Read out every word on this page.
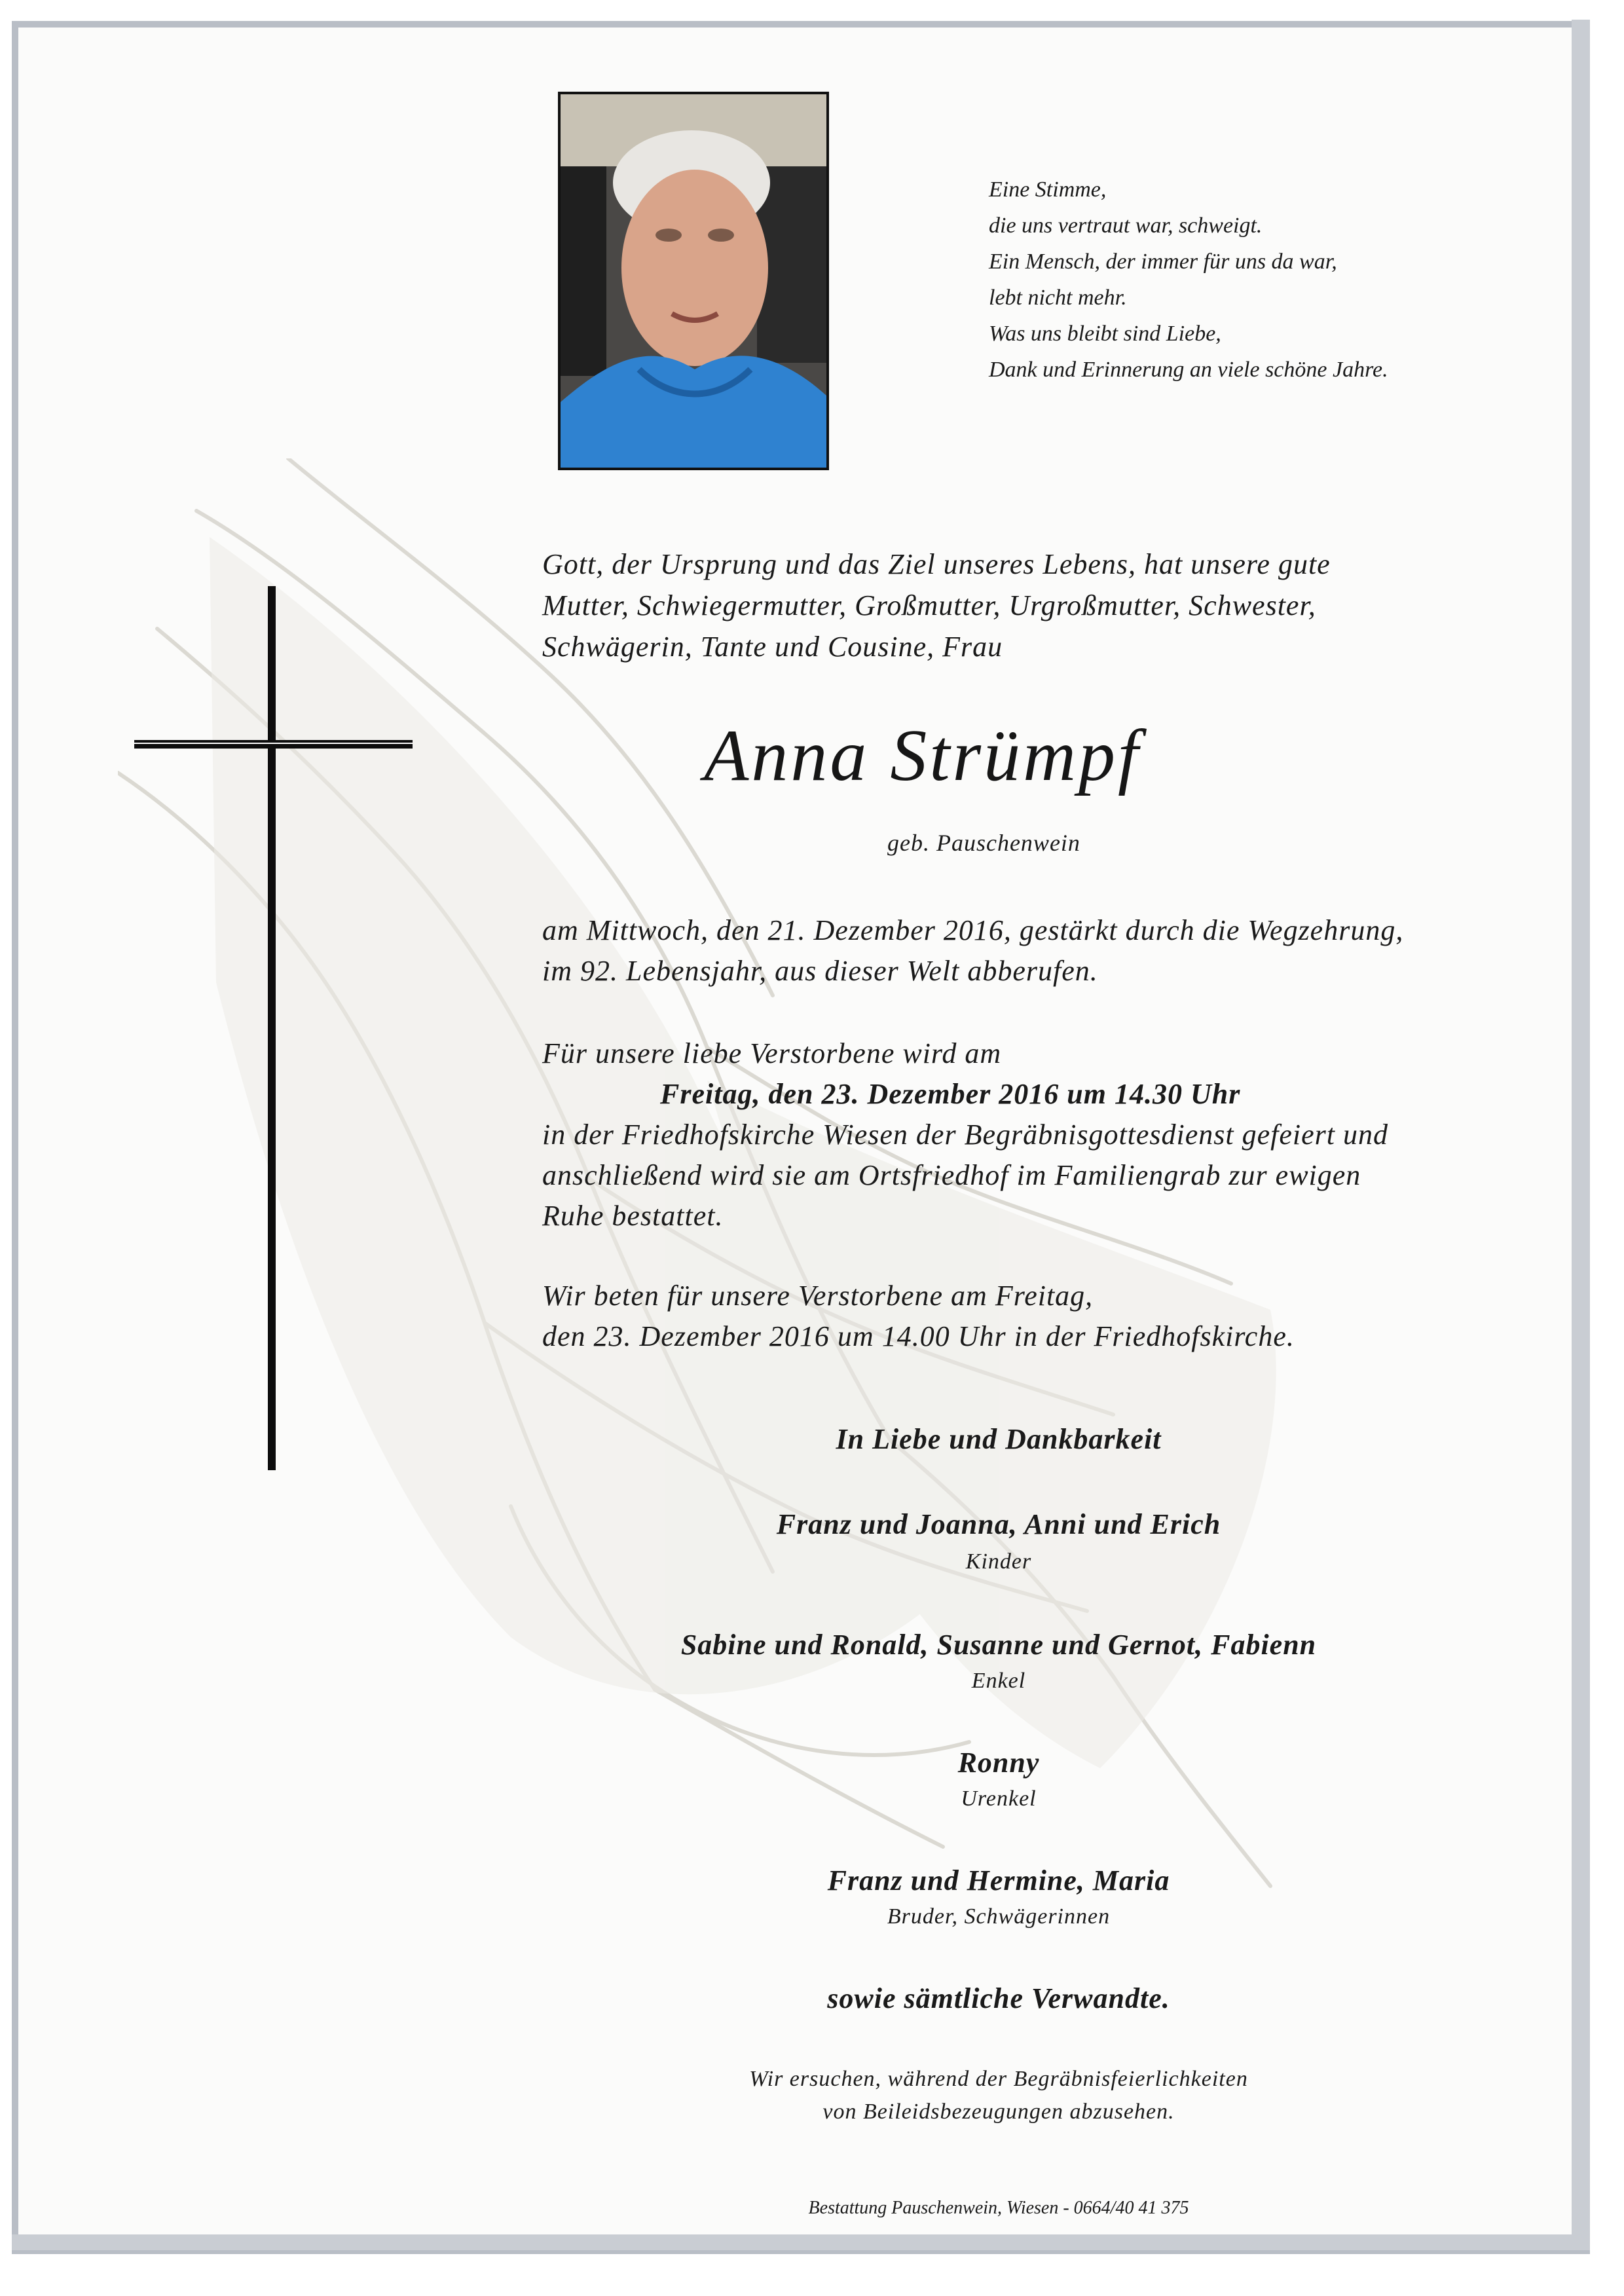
Eine Stimme,
die uns vertraut war, schweigt.
Ein Mensch, der immer für uns da war,
lebt nicht mehr.
Was uns bleibt sind Liebe,
Dank und Erinnerung an viele schöne Jahre.
Gott, der Ursprung und das Ziel unseres Lebens, hat unsere gute
Mutter, Schwiegermutter, Großmutter, Urgroßmutter, Schwester,
Schwägerin, Tante und Cousine, Frau
Anna Strümpf
geb. Pauschenwein
am Mittwoch, den 21. Dezember 2016, gestärkt durch die Wegzehrung,
im 92. Lebensjahr, aus dieser Welt abberufen.
Für unsere liebe Verstorbene wird am
Freitag, den 23. Dezember 2016 um 14.30 Uhr
in der Friedhofskirche Wiesen der Begräbnisgottesdienst gefeiert und
anschließend wird sie am Ortsfriedhof im Familiengrab zur ewigen
Ruhe bestattet.
Wir beten für unsere Verstorbene am Freitag,
den 23. Dezember 2016 um 14.00 Uhr in der Friedhofskirche.
In Liebe und Dankbarkeit
Franz und Joanna, Anni und Erich
Kinder
Sabine und Ronald, Susanne und Gernot, Fabienn
Enkel
Ronny
Urenkel
Franz und Hermine, Maria
Bruder, Schwägerinnen
sowie sämtliche Verwandte.
Wir ersuchen, während der Begräbnisfeierlichkeiten
von Beileidsbezeugungen abzusehen.
Bestattung Pauschenwein, Wiesen - 0664/40 41 375
